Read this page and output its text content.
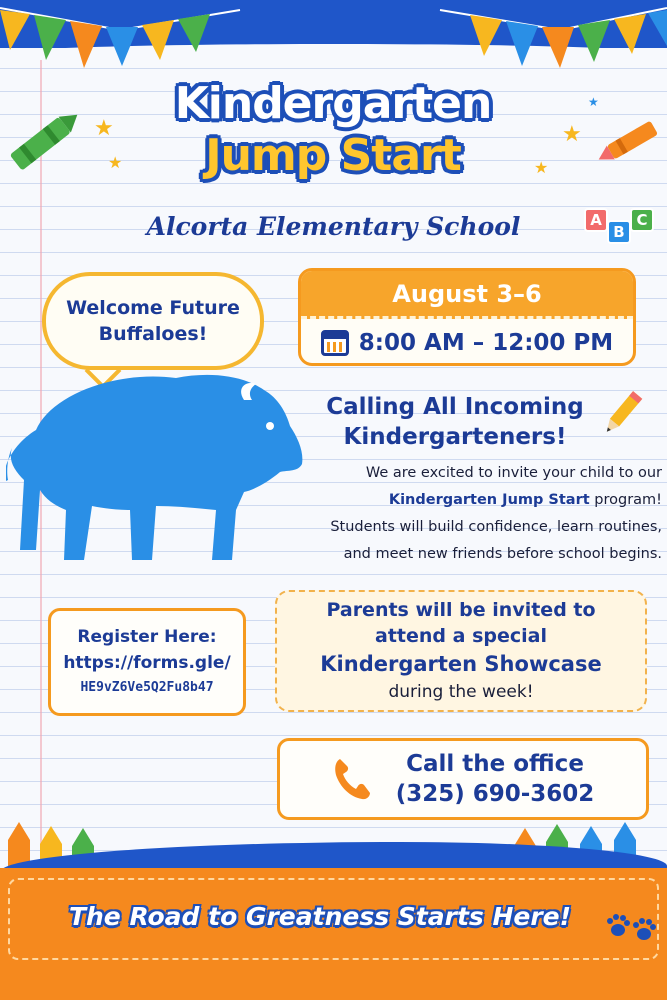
★
★
★
★
★
A
B
C
Kindergarten
Jump Start
Alcorta Elementary School
Welcome Future
Buffaloes!
August 3–6
8:00 AM – 12:00 PM
Calling All Incoming
Kindergarteners!
We are excited to invite your child to our
Kindergarten Jump Start program!
Students will build confidence, learn routines,
and meet new friends before school begins.
Register Here:
https://forms.gle/
HE9vZ6Ve5Q2Fu8b47
Parents will be invited to
attend a special
Kindergarten Showcase
during the week!
Call the office
(325) 690-3602
The Road to Greatness Starts Here!
